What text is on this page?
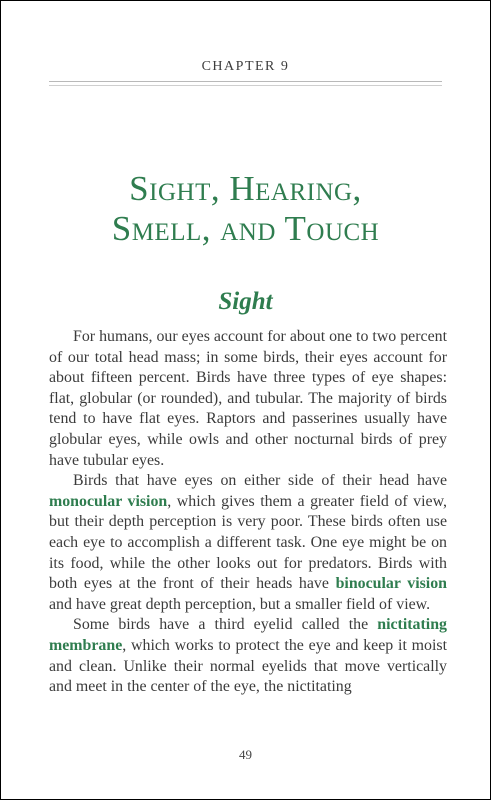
CHAPTER 9
Sight, Hearing,
Smell, and Touch
Sight

For humans, our eyes account for about one to two percent of our total head mass; in some birds, their eyes account for about fifteen percent. Birds have three types of eye shapes: flat, globular (or rounded), and tubular. The majority of birds tend to have flat eyes. Raptors and passerines usually have globular eyes, while owls and other nocturnal birds of prey have tubular eyes.

Birds that have eyes on either side of their head have monocular vision, which gives them a greater field of view, but their depth perception is very poor. These birds often use each eye to accomplish a different task. One eye might be on its food, while the other looks out for predators. Birds with both eyes at the front of their heads have binocular vision and have great depth perception, but a smaller field of view.

Some birds have a third eyelid called the nictitating membrane, which works to protect the eye and keep it moist and clean. Unlike their normal eyelids that move vertically and meet in the center of the eye, the nictitating

49
